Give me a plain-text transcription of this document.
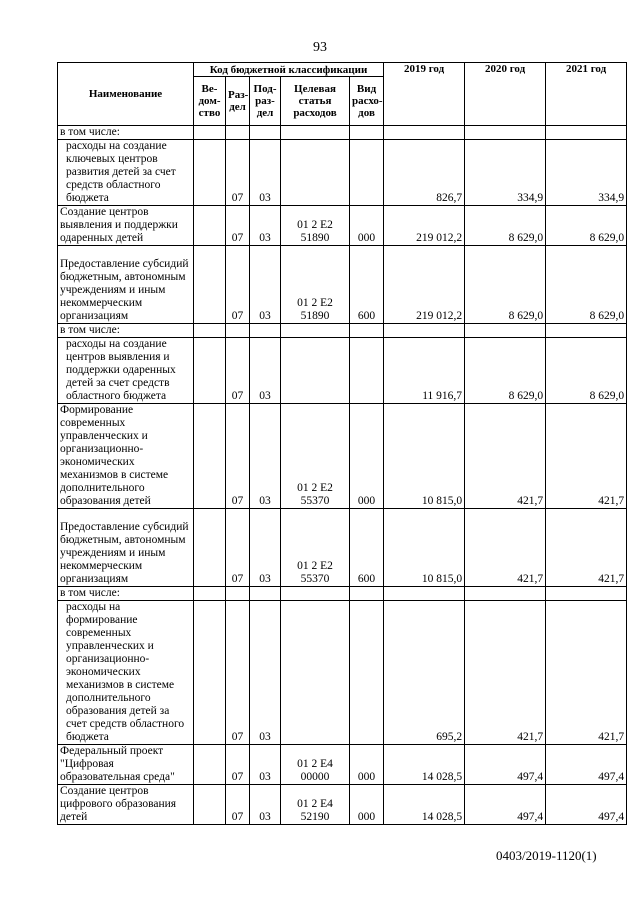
93
Наименование	Код бюджетной классификации					2019 год	2020 год	2021 год
	Ве-дом-ство	Раз-дел	Под-раз-дел	Целевая статья расходов	Вид расхо-дов			
в том числе:								
расходы на создание ключевых центров развития детей за счет средств областного бюджета		07	03			826,7	334,9	334,9
Создание центров выявления и поддержки одаренных детей		07	03	01 2 E2 51890	000	219 012,2	8 629,0	8 629,0
Предоставление субсидий бюджетным, автономным учреждениям и иным некоммерческим организациям		07	03	01 2 E2 51890	600	219 012,2	8 629,0	8 629,0
в том числе:								
расходы на создание центров выявления и поддержки одаренных детей за счет средств областного бюджета		07	03			11 916,7	8 629,0	8 629,0
Формирование современных управленческих и организационно-экономических механизмов в системе дополнительного образования детей		07	03	01 2 E2 55370	000	10 815,0	421,7	421,7
Предоставление субсидий бюджетным, автономным учреждениям и иным некоммерческим организациям		07	03	01 2 E2 55370	600	10 815,0	421,7	421,7
в том числе:								
расходы на формирование современных управленческих и организационно-экономических механизмов в системе дополнительного образования детей за счет средств областного бюджета		07	03			695,2	421,7	421,7
Федеральный проект "Цифровая образовательная среда"		07	03	01 2 E4 00000	000	14 028,5	497,4	497,4
Создание центров цифрового образования детей		07	03	01 2 E4 52190	000	14 028,5	497,4	497,4
0403/2019-1120(1)
